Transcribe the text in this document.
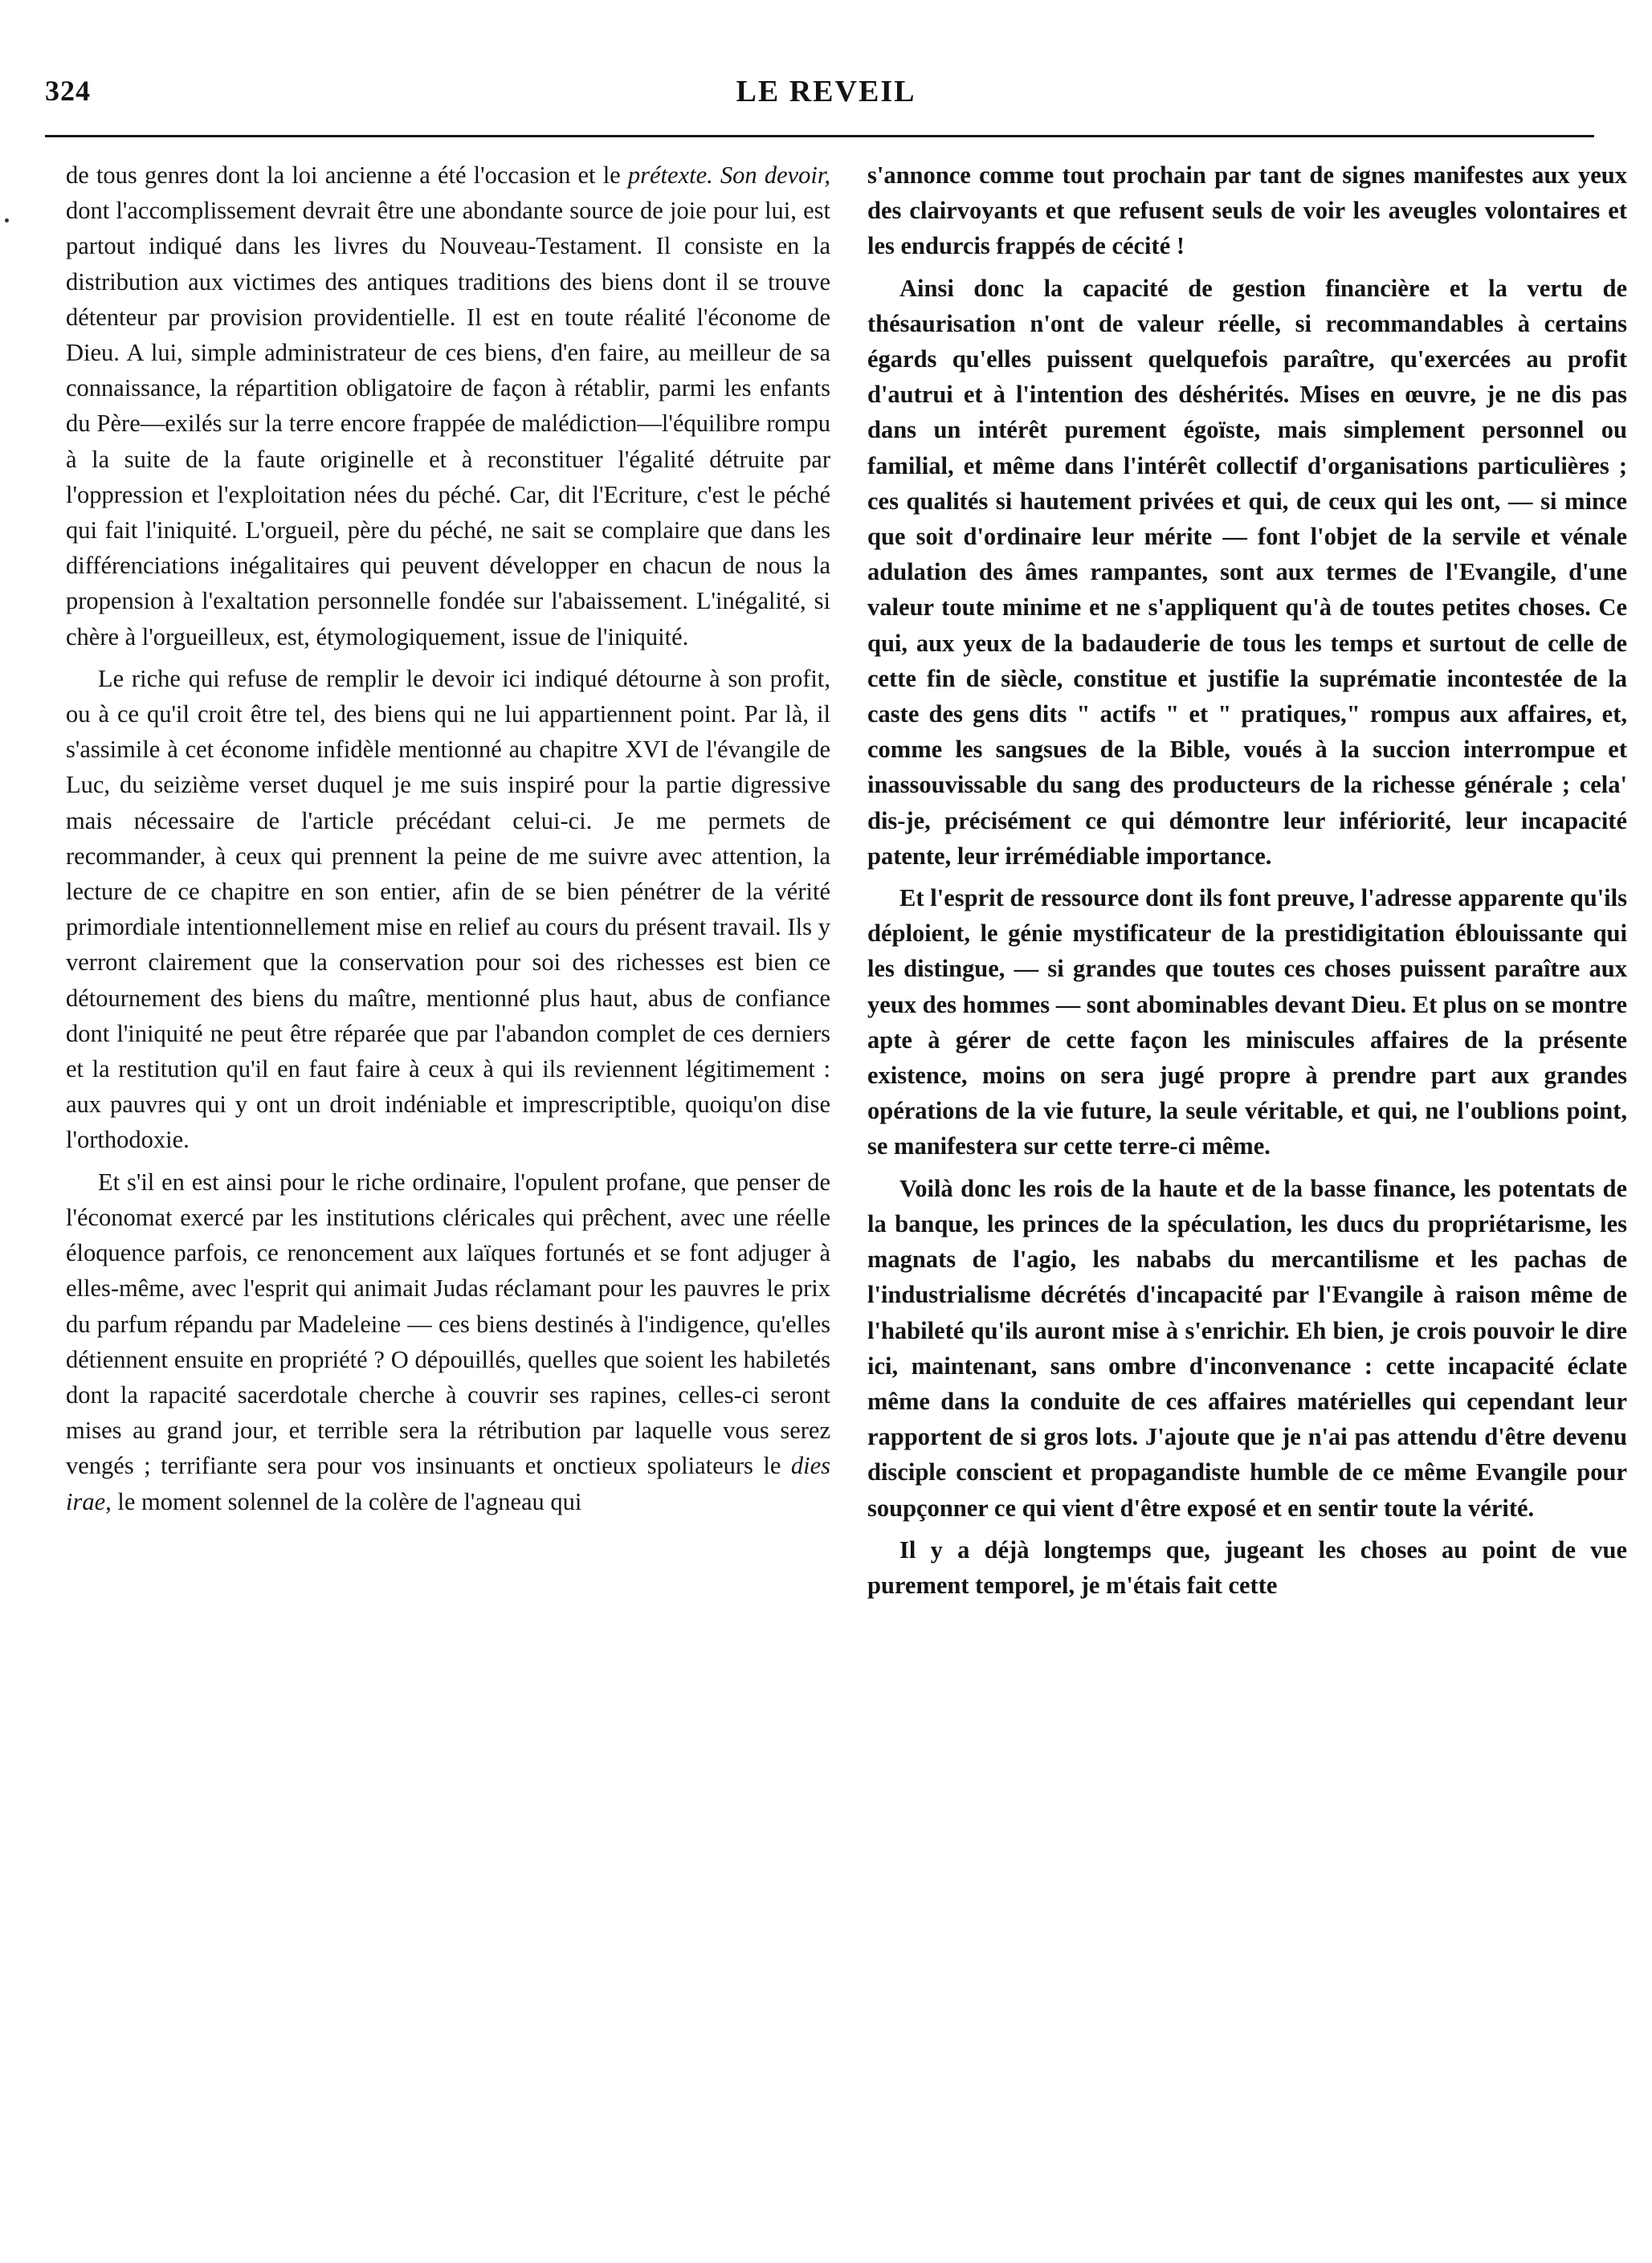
324	LE REVEIL

de tous genres dont la loi ancienne a été l'occasion et le prétexte. Son devoir, dont l'accomplissement devrait être une abondante source de joie pour lui, est partout indiqué dans les livres du Nouveau-Testament. Il consiste en la distribution aux victimes des antiques traditions des biens dont il se trouve détenteur par provision providentielle. Il est en toute réalité l'économe de Dieu. A lui, simple administrateur de ces biens, d'en faire, au meilleur de sa connaissance, la répartition obligatoire de façon à rétablir, parmi les enfants du Père—exilés sur la terre encore frappée de malédiction—l'équilibre rompu à la suite de la faute originelle et à reconstituer l'égalité détruite par l'oppression et l'exploitation nées du péché. Car, dit l'Ecriture, c'est le péché qui fait l'iniquité. L'orgueil, père du péché, ne sait se complaire que dans les différenciations inégalitaires qui peuvent développer en chacun de nous la propension à l'exaltation personnelle fondée sur l'abaissement. L'inégalité, si chère à l'orgueilleux, est, étymologiquement, issue de l'iniquité.

Le riche qui refuse de remplir le devoir ici indiqué détourne à son profit, ou à ce qu'il croit être tel, des biens qui ne lui appartiennent point. Par là, il s'assimile à cet économe infidèle mentionné au chapitre XVI de l'évangile de Luc, du seizième verset duquel je me suis inspiré pour la partie digressive mais nécessaire de l'article précédant celui-ci. Je me permets de recommander, à ceux qui prennent la peine de me suivre avec attention, la lecture de ce chapitre en son entier, afin de se bien pénétrer de la vérité primordiale intentionnellement mise en relief au cours du présent travail. Ils y verront clairement que la conservation pour soi des richesses est bien ce détournement des biens du maître, mentionné plus haut, abus de confiance dont l'iniquité ne peut être réparée que par l'abandon complet de ces derniers et la restitution qu'il en faut faire à ceux à qui ils reviennent légitimement : aux pauvres qui y ont un droit indéniable et imprescriptible, quoiqu'on dise l'orthodoxie.

Et s'il en est ainsi pour le riche ordinaire, l'opulent profane, que penser de l'économat exercé par les institutions cléricales qui prêchent, avec une réelle éloquence parfois, ce renoncement aux laïques fortunés et se font adjuger à elles-même, avec l'esprit qui animait Judas réclamant pour les pauvres le prix du parfum répandu par Madeleine — ces biens destinés à l'indigence, qu'elles détiennent ensuite en propriété ? O dépouillés, quelles que soient les habiletés dont la rapacité sacerdotale cherche à couvrir ses rapines, celles-ci seront mises au grand jour, et terrible sera la rétribution par laquelle vous serez vengés ; terrifiante sera pour vos insinuants et onctieux spoliateurs le dies irae, le moment solennel de la colère de l'agneau qui

s'annonce comme tout prochain par tant de signes manifestes aux yeux des clairvoyants et que refusent seuls de voir les aveugles volontaires et les endurcis frappés de cécité !

Ainsi donc la capacité de gestion financière et la vertu de thésaurisation n'ont de valeur réelle, si recommandables à certains égards qu'elles puissent quelquefois paraître, qu'exercées au profit d'autrui et à l'intention des déshérités. Mises en œuvre, je ne dis pas dans un intérêt purement égoïste, mais simplement personnel ou familial, et même dans l'intérêt collectif d'organisations particulières ; ces qualités si hautement privées et qui, de ceux qui les ont, — si mince que soit d'ordinaire leur mérite — font l'objet de la servile et vénale adulation des âmes rampantes, sont aux termes de l'Evangile, d'une valeur toute minime et ne s'appliquent qu'à de toutes petites choses. Ce qui, aux yeux de la badauderie de tous les temps et surtout de celle de cette fin de siècle, constitue et justifie la suprématie incontestée de la caste des gens dits " actifs " et " pratiques," rompus aux affaires, et, comme les sangsues de la Bible, voués à la succion interrompue et inassouvissable du sang des producteurs de la richesse générale ; cela' dis-je, précisément ce qui démontre leur infériorité, leur incapacité patente, leur irrémédiable importance.

Et l'esprit de ressource dont ils font preuve, l'adresse apparente qu'ils déploient, le génie mystificateur de la prestidigitation éblouissante qui les distingue, — si grandes que toutes ces choses puissent paraître aux yeux des hommes — sont abominables devant Dieu. Et plus on se montre apte à gérer de cette façon les miniscules affaires de la présente existence, moins on sera jugé propre à prendre part aux grandes opérations de la vie future, la seule véritable, et qui, ne l'oublions point, se manifestera sur cette terre-ci même.

Voilà donc les rois de la haute et de la basse finance, les potentats de la banque, les princes de la spéculation, les ducs du propriétarisme, les magnats de l'agio, les nababs du mercantilisme et les pachas de l'industrialisme décrétés d'incapacité par l'Evangile à raison même de l'habileté qu'ils auront mise à s'enrichir. Eh bien, je crois pouvoir le dire ici, maintenant, sans ombre d'inconvenance : cette incapacité éclate même dans la conduite de ces affaires matérielles qui cependant leur rapportent de si gros lots. J'ajoute que je n'ai pas attendu d'être devenu disciple conscient et propagandiste humble de ce même Evangile pour soupçonner ce qui vient d'être exposé et en sentir toute la vérité.

Il y a déjà longtemps que, jugeant les choses au point de vue purement temporel, je m'étais fait cette
